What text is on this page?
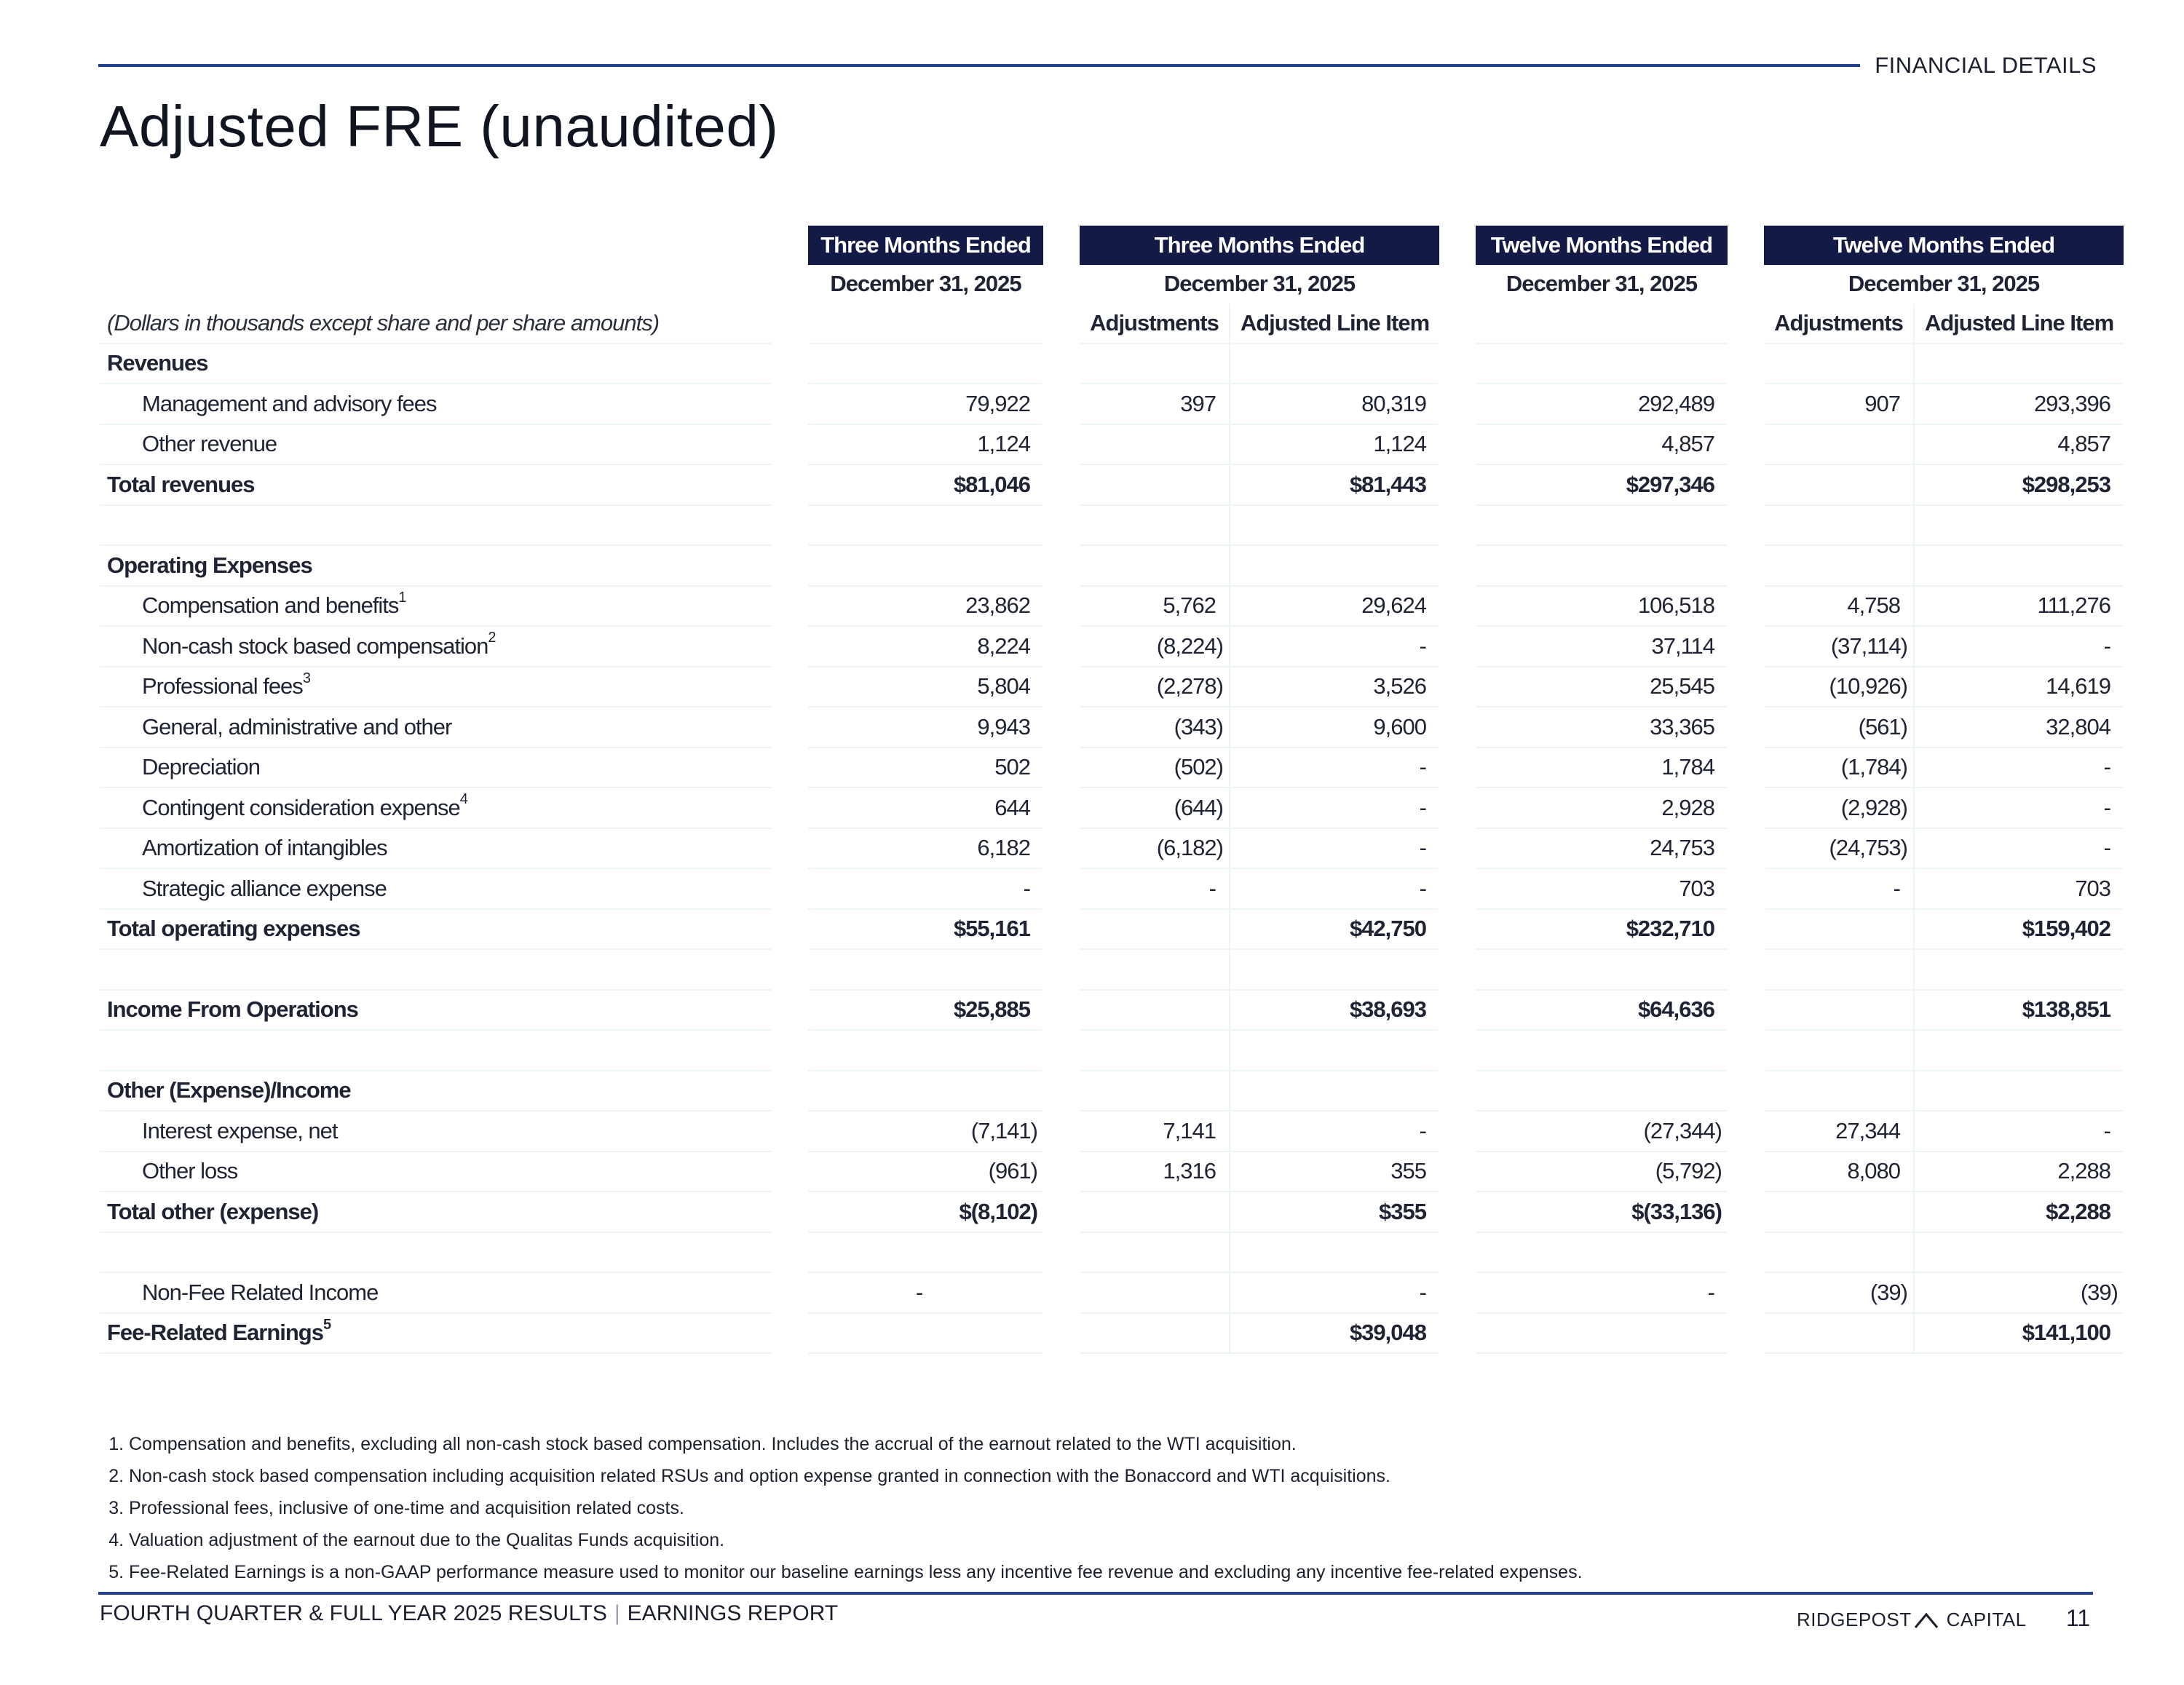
FINANCIAL DETAILS
Adjusted FRE (unaudited)
		Three Months Ended		Three Months Ended			Twelve Months Ended		Twelve Months Ended	
		December 31, 2025		December 31, 2025			December 31, 2025		December 31, 2025	
(Dollars in thousands except share and per share amounts)				Adjustments	Adjusted Line Item				Adjustments	Adjusted Line Item
Revenues										
Management and advisory fees		79,922		397	80,319		292,489		907	293,396
Other revenue		1,124			1,124		4,857			4,857
Total revenues		$81,046			$81,443		$297,346			$298,253

Operating Expenses										
Compensation and benefits$^1$		23,862		5,762	29,624		106,518		4,758	111,276
Non-cash stock based compensation$^2$		8,224		(8,224)	-		37,114		(37,114)	-
Professional fees$^3$		5,804		(2,278)	3,526		25,545		(10,926)	14,619
General, administrative and other		9,943		(343)	9,600		33,365		(561)	32,804
Depreciation		502		(502)	-		1,784		(1,784)	-
Contingent consideration expense$^4$		644		(644)	-		2,928		(2,928)	-
Amortization of intangibles		6,182		(6,182)	-		24,753		(24,753)	-
Strategic alliance expense		-		-	-		703		-	703
Total operating expenses		$55,161			$42,750		$232,710			$159,402

Income From Operations		$25,885			$38,693		$64,636			$138,851

Other (Expense)/Income										
Interest expense, net		(7,141)		7,141	-		(27,344)		27,344	-
Other loss		(961)		1,316	355		(5,792)		8,080	2,288
Total other (expense)		$(8,102)			$355		$(33,136)			$2,288

Non-Fee Related Income		-			-		-		(39)	(39)
Fee-Related Earnings$^5$					$39,048					$141,100
1. Compensation and benefits, excluding all non-cash stock based compensation. Includes the accrual of the earnout related to the WTI acquisition.
2. Non-cash stock based compensation including acquisition related RSUs and option expense granted in connection with the Bonaccord and WTI acquisitions.
3. Professional fees, inclusive of one-time and acquisition related costs.
4. Valuation adjustment of the earnout due to the Qualitas Funds acquisition.
5. Fee-Related Earnings is a non-GAAP performance measure used to monitor our baseline earnings less any incentive fee revenue and excluding any incentive fee-related expenses.
FOURTH QUARTER & FULL YEAR 2025 RESULTS | EARNINGS REPORT	RIDGEPOST CAPITAL 11
